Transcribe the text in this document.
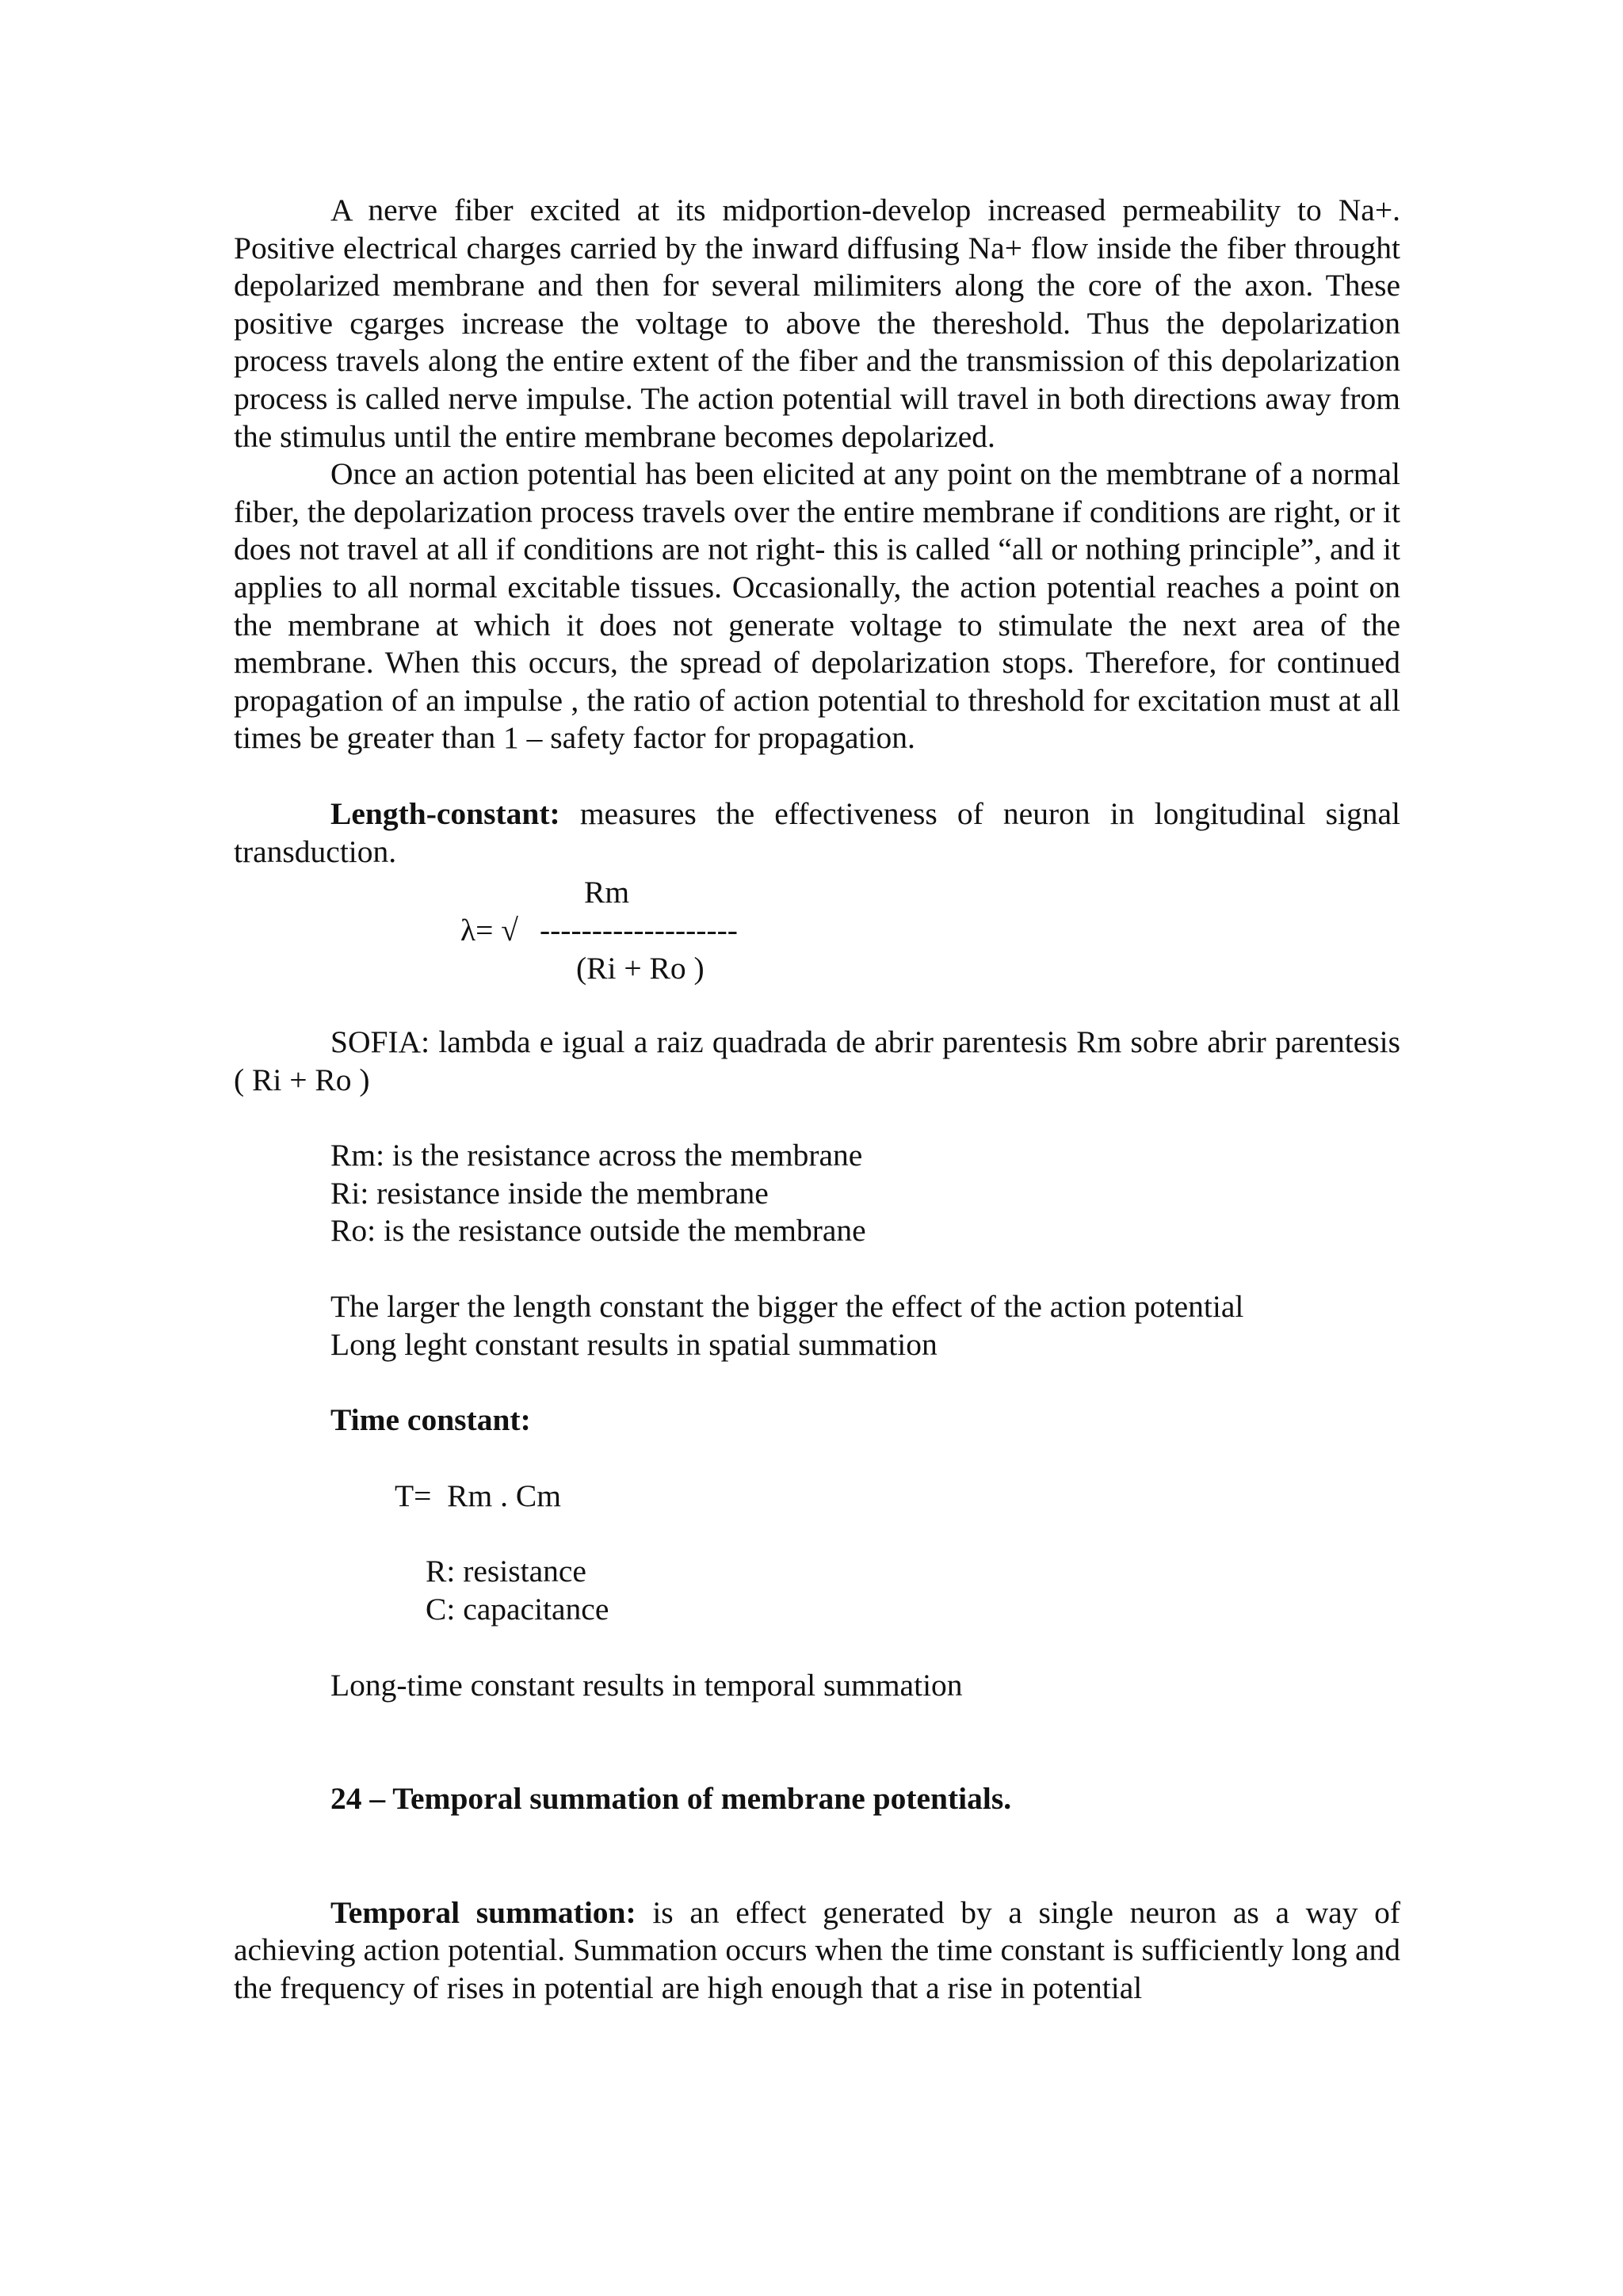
A nerve fiber excited at its midportion-develop increased permeability to Na+. Positive electrical charges carried by the inward diffusing Na+ flow inside the fiber throught depolarized membrane and then for several milimiters along the core of the axon. These positive cgarges increase the voltage to above the thereshold. Thus the depolarization process travels along the entire extent of the fiber and the transmission of this depolarization process is called nerve impulse. The action potential will travel in both directions away from the stimulus until the entire membrane becomes depolarized.

Once an action potential has been elicited at any point on the membtrane of a normal fiber, the depolarization process travels over the entire membrane if conditions are right, or it does not travel at all if conditions are not right- this is called “all or nothing principle”, and it applies to all normal excitable tissues. Occasionally, the action potential reaches a point on the membrane at which it does not generate voltage to stimulate the next area of the membrane. When this occurs, the spread of depolarization stops. Therefore, for continued propagation of an impulse , the ratio of action potential to threshold for excitation must at all times be greater than 1 – safety factor for propagation.

Length-constant: measures the effectiveness of neuron in longitudinal signal transduction.

Rm
λ= √ -------------------
(Ri + Ro )

SOFIA: lambda e igual a raiz quadrada de abrir parentesis Rm sobre abrir parentesis ( Ri + Ro )

Rm: is the resistance across the membrane
Ri: resistance inside the membrane
Ro: is the resistance outside the membrane
The larger the length constant the bigger the effect of the action potential
Long leght constant results in spatial summation
Time constant:
T=  Rm . Cm
R: resistance
C: capacitance
Long-time constant results in temporal summation
24 – Temporal summation of membrane potentials.

Temporal summation: is an effect generated by a single neuron as a way of achieving action potential. Summation occurs when the time constant is sufficiently long and the frequency of rises in potential are high enough that a rise in potential
